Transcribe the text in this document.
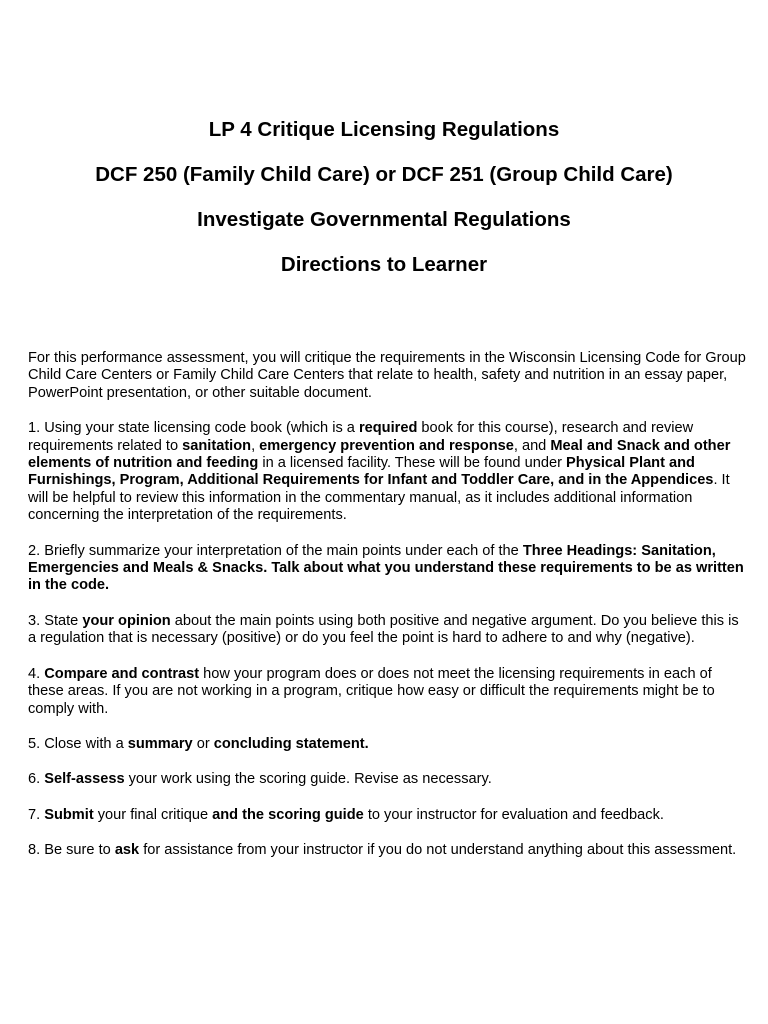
LP 4 Critique Licensing Regulations
DCF 250 (Family Child Care) or DCF 251 (Group Child Care)
Investigate Governmental Regulations
Directions to Learner

For this performance assessment, you will critique the requirements in the Wisconsin Licensing Code for Group Child Care Centers or Family Child Care Centers that relate to health, safety and nutrition in an essay paper, PowerPoint presentation, or other suitable document.

1. Using your state licensing code book (which is a required book for this course), research and review requirements related to sanitation, emergency prevention and response, and Meal and Snack and other elements of nutrition and feeding in a licensed facility. These will be found under Physical Plant and Furnishings, Program, Additional Requirements for Infant and Toddler Care, and in the Appendices. It will be helpful to review this information in the commentary manual, as it includes additional information concerning the interpretation of the requirements.

2. Briefly summarize your interpretation of the main points under each of the Three Headings: Sanitation, Emergencies and Meals & Snacks. Talk about what you understand these requirements to be as written in the code.

3. State your opinion about the main points using both positive and negative argument. Do you believe this is a regulation that is necessary (positive) or do you feel the point is hard to adhere to and why (negative).

4. Compare and contrast how your program does or does not meet the licensing requirements in each of these areas. If you are not working in a program, critique how easy or difficult the requirements might be to comply with.

5. Close with a summary or concluding statement.

6. Self-assess your work using the scoring guide. Revise as necessary.

7. Submit your final critique and the scoring guide to your instructor for evaluation and feedback.

8. Be sure to ask for assistance from your instructor if you do not understand anything about this assessment.
